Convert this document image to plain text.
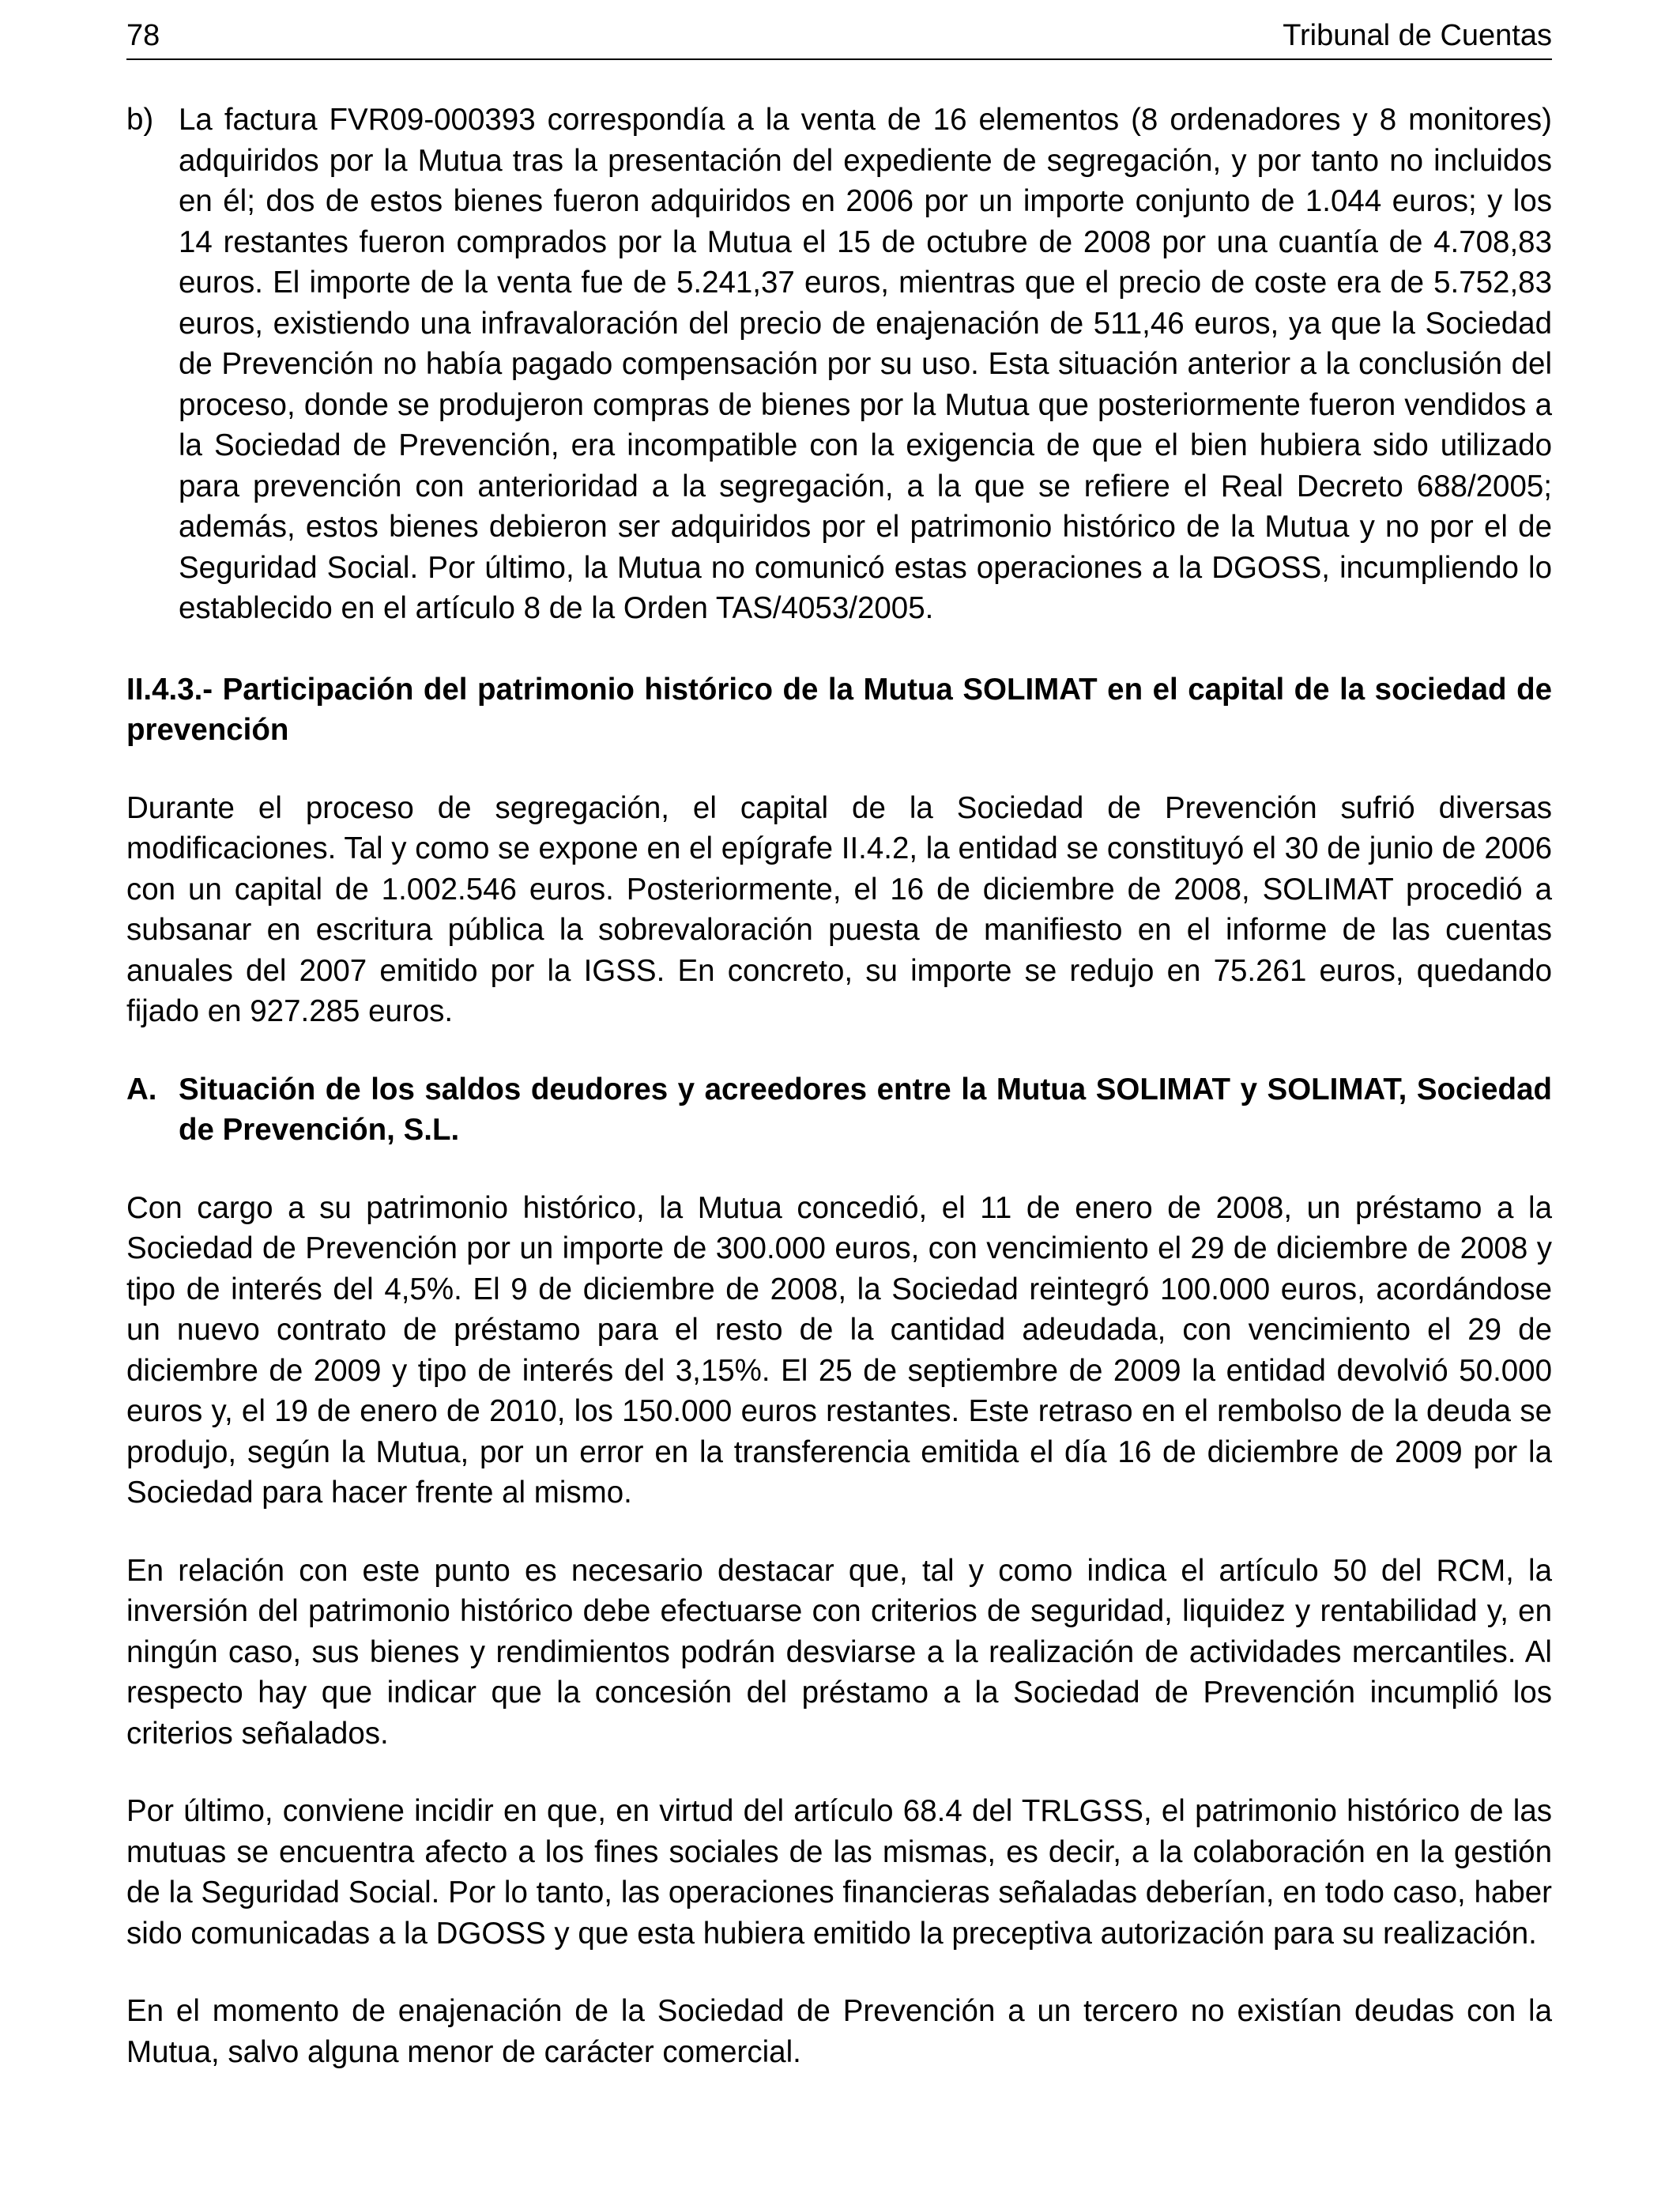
78	Tribunal de Cuentas
b) La factura FVR09-000393 correspondía a la venta de 16 elementos (8 ordenadores y 8 monitores) adquiridos por la Mutua tras la presentación del expediente de segregación, y por tanto no incluidos en él; dos de estos bienes fueron adquiridos en 2006 por un importe conjunto de 1.044 euros; y los 14 restantes fueron comprados por la Mutua el 15 de octubre de 2008 por una cuantía de 4.708,83 euros. El importe de la venta fue de 5.241,37 euros, mientras que el precio de coste era de 5.752,83 euros, existiendo una infravaloración del precio de enajenación de 511,46 euros, ya que la Sociedad de Prevención no había pagado compensación por su uso. Esta situación anterior a la conclusión del proceso, donde se produjeron compras de bienes por la Mutua que posteriormente fueron vendidos a la Sociedad de Prevención, era incompatible con la exigencia de que el bien hubiera sido utilizado para prevención con anterioridad a la segregación, a la que se refiere el Real Decreto 688/2005; además, estos bienes debieron ser adquiridos por el patrimonio histórico de la Mutua y no por el de Seguridad Social. Por último, la Mutua no comunicó estas operaciones a la DGOSS, incumpliendo lo establecido en el artículo 8 de la Orden TAS/4053/2005.

II.4.3.- Participación del patrimonio histórico de la Mutua SOLIMAT en el capital de la sociedad de prevención

Durante el proceso de segregación, el capital de la Sociedad de Prevención sufrió diversas modificaciones. Tal y como se expone en el epígrafe II.4.2, la entidad se constituyó el 30 de junio de 2006 con un capital de 1.002.546 euros. Posteriormente, el 16 de diciembre de 2008, SOLIMAT procedió a subsanar en escritura pública la sobrevaloración puesta de manifiesto en el informe de las cuentas anuales del 2007 emitido por la IGSS. En concreto, su importe se redujo en 75.261 euros, quedando fijado en 927.285 euros.

A. Situación de los saldos deudores y acreedores entre la Mutua SOLIMAT y SOLIMAT, Sociedad de Prevención, S.L.

Con cargo a su patrimonio histórico, la Mutua concedió, el 11 de enero de 2008, un préstamo a la Sociedad de Prevención por un importe de 300.000 euros, con vencimiento el 29 de diciembre de 2008 y tipo de interés del 4,5%. El 9 de diciembre de 2008, la Sociedad reintegró 100.000 euros, acordándose un nuevo contrato de préstamo para el resto de la cantidad adeudada, con vencimiento el 29 de diciembre de 2009 y tipo de interés del 3,15%. El 25 de septiembre de 2009 la entidad devolvió 50.000 euros y, el 19 de enero de 2010, los 150.000 euros restantes. Este retraso en el rembolso de la deuda se produjo, según la Mutua, por un error en la transferencia emitida el día 16 de diciembre de 2009 por la Sociedad para hacer frente al mismo.

En relación con este punto es necesario destacar que, tal y como indica el artículo 50 del RCM, la inversión del patrimonio histórico debe efectuarse con criterios de seguridad, liquidez y rentabilidad y, en ningún caso, sus bienes y rendimientos podrán desviarse a la realización de actividades mercantiles. Al respecto hay que indicar que la concesión del préstamo a la Sociedad de Prevención incumplió los criterios señalados.

Por último, conviene incidir en que, en virtud del artículo 68.4 del TRLGSS, el patrimonio histórico de las mutuas se encuentra afecto a los fines sociales de las mismas, es decir, a la colaboración en la gestión de la Seguridad Social. Por lo tanto, las operaciones financieras señaladas deberían, en todo caso, haber sido comunicadas a la DGOSS y que esta hubiera emitido la preceptiva autorización para su realización.

En el momento de enajenación de la Sociedad de Prevención a un tercero no existían deudas con la Mutua, salvo alguna menor de carácter comercial.
